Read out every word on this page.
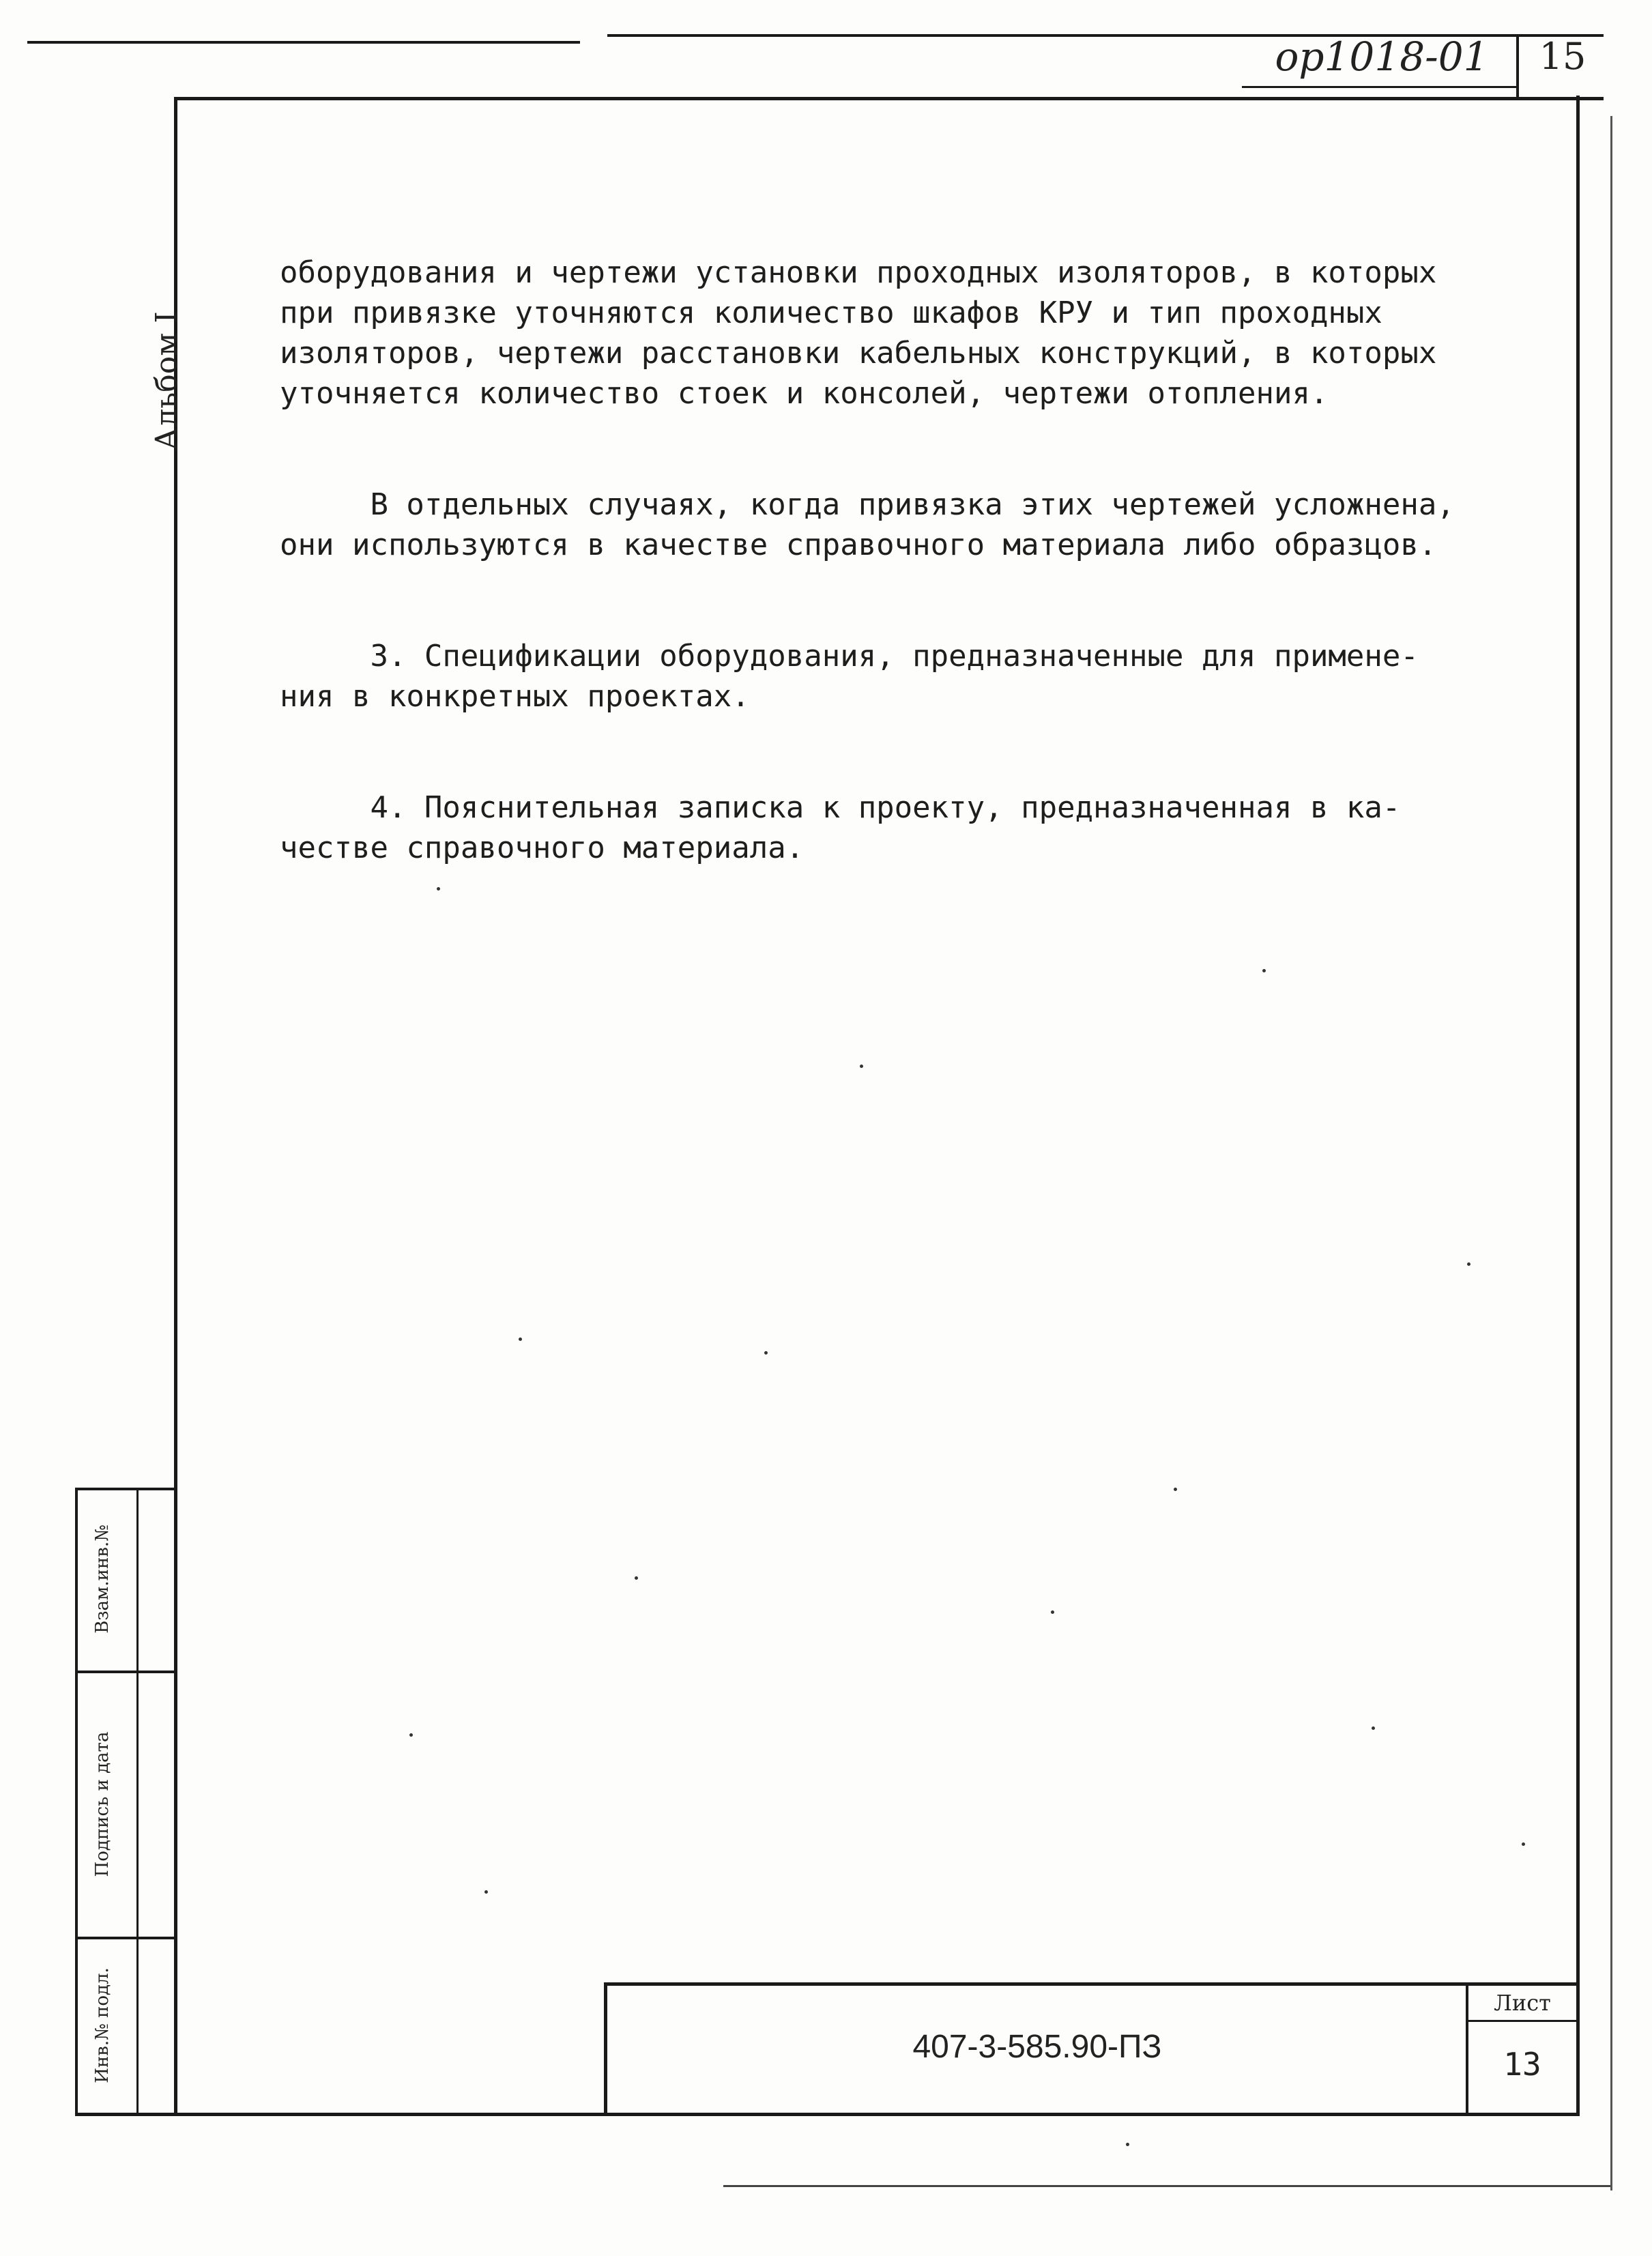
ор1018-01	15
Альбом I
оборудования и чертежи установки проходных изоляторов, в которых
при привязке уточняются количество шкафов КРУ и тип проходных
изоляторов, чертежи расстановки кабельных конструкций, в которых
уточняется количество стоек и консолей, чертежи отопления.
В отдельных случаях, когда привязка этих чертежей усложнена,
они используются в качестве справочного материала либо образцов.
3. Спецификации оборудования, предназначенные для примене-
ния в конкретных проектах.
4. Пояснительная записка к проекту, предназначенная в ка-
честве справочного материала.
Взам.инв.№
Подпись и дата
Инв.№ подл.	Лист
13
407-3-585.90-ПЗ
